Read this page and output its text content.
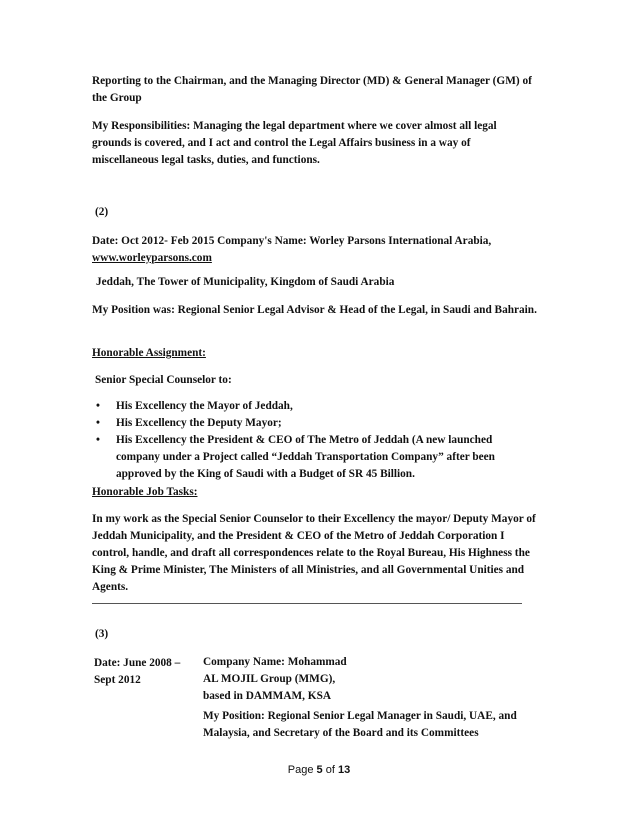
Reporting to the Chairman, and the Managing Director (MD) & General Manager (GM) of the Group

My Responsibilities: Managing the legal department where we cover almost all legal grounds is covered, and I act and control the Legal Affairs business in a way of miscellaneous legal tasks, duties, and functions.

(2)

Date: Oct 2012- Feb 2015 Company's Name: Worley Parsons International Arabia, www.worleyparsons.com

Jeddah, The Tower of Municipality, Kingdom of Saudi Arabia

My Position was: Regional Senior Legal Advisor & Head of the Legal, in Saudi and Bahrain.

Honorable Assignment:

Senior Special Counselor to:

• His Excellency the Mayor of Jeddah,
• His Excellency the Deputy Mayor;
• His Excellency the President & CEO of The Metro of Jeddah (A new launched company under a Project called “Jeddah Transportation Company” after been approved by the King of Saudi with a Budget of SR 45 Billion.

Honorable Job Tasks:

In my work as the Special Senior Counselor to their Excellency the mayor/ Deputy Mayor of Jeddah Municipality, and the President & CEO of the Metro of Jeddah Corporation I control, handle, and draft all correspondences relate to the Royal Bureau, His Highness the King & Prime Minister, The Ministers of all Ministries, and all Governmental Unities and Agents.

(3)
Date: June 2008 – Sept 2012
Company Name: Mohammad
AL MOJIL Group (MMG),
based in DAMMAM, KSA

My Position: Regional Senior Legal Manager in Saudi, UAE, and Malaysia, and Secretary of the Board and its Committees

Page 5 of 13
